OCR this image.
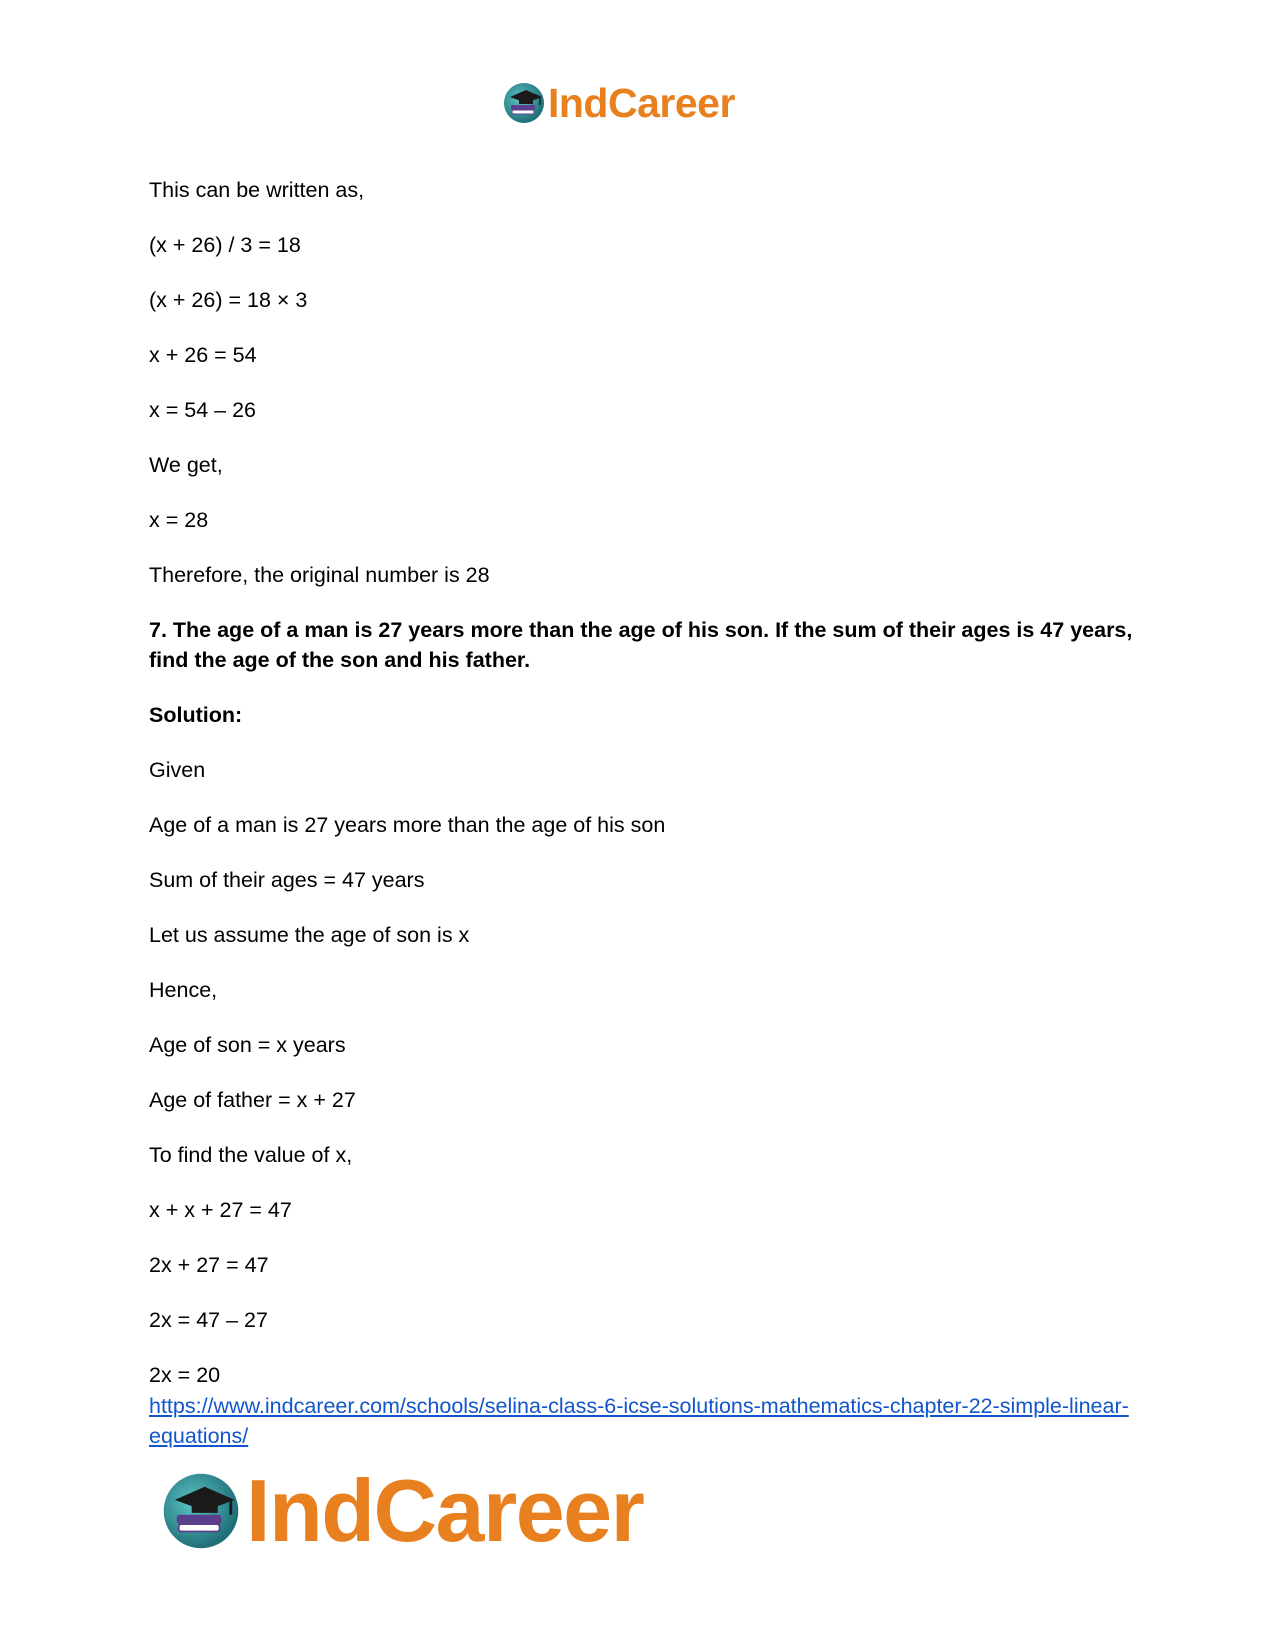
IndCareer

This can be written as,

(x + 26) / 3 = 18

(x + 26) = 18 × 3

x + 26 = 54

x = 54 – 26

We get,

x = 28

Therefore, the original number is 28

7. The age of a man is 27 years more than the age of his son. If the sum of their ages is 47 years, find the age of the son and his father.

Solution:

Given

Age of a man is 27 years more than the age of his son

Sum of their ages = 47 years

Let us assume the age of son is x

Hence,

Age of son = x years

Age of father = x + 27

To find the value of x,

x + x + 27 = 47

2x + 27 = 47

2x = 47 – 27

2x = 20

https://www.indcareer.com/schools/selina-class-6-icse-solutions-mathematics-chapter-22-simple-linear-equations/
IndCareer
